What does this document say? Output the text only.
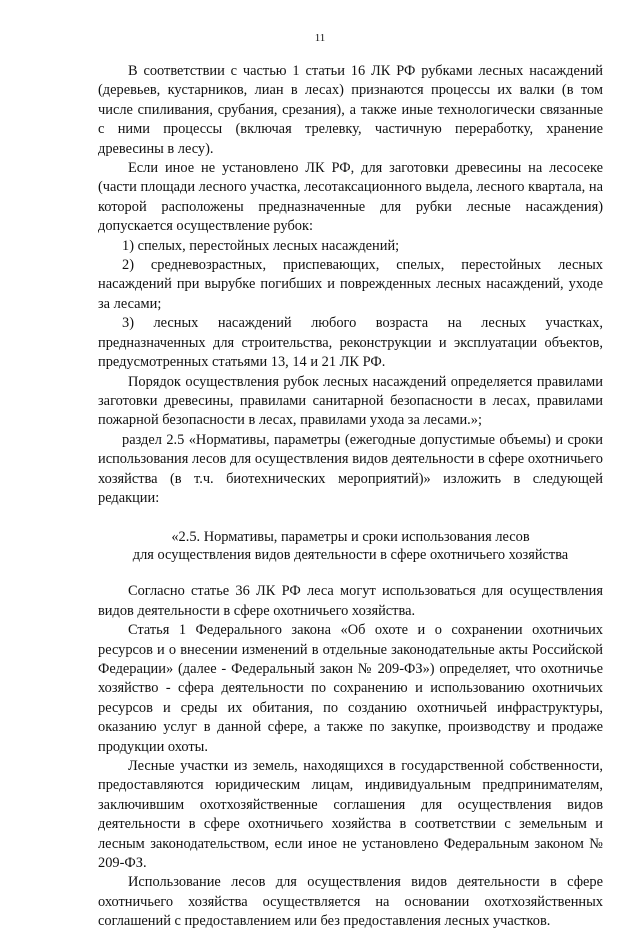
11

В соответствии с частью 1 статьи 16 ЛК РФ рубками лесных насаждений (деревьев, кустарников, лиан в лесах) признаются процессы их валки (в том числе спиливания, срубания, срезания), а также иные технологически связанные с ними процессы (включая трелевку, частичную переработку, хранение древесины в лесу).

Если иное не установлено ЛК РФ, для заготовки древесины на лесосеке (части площади лесного участка, лесотаксационного выдела, лесного квартала, на которой расположены предназначенные для рубки лесные насаждения) допускается осуществление рубок:

1) спелых, перестойных лесных насаждений;

2) средневозрастных, приспевающих, спелых, перестойных лесных насаждений при вырубке погибших и поврежденных лесных насаждений, уходе за лесами;

3) лесных насаждений любого возраста на лесных участках, предназначенных для строительства, реконструкции и эксплуатации объектов, предусмотренных статьями 13, 14 и 21 ЛК РФ.

Порядок осуществления рубок лесных насаждений определяется правилами заготовки древесины, правилами санитарной безопасности в лесах, правилами пожарной безопасности в лесах, правилами ухода за лесами.»;

раздел 2.5 «Нормативы, параметры (ежегодные допустимые объемы) и сроки использования лесов для осуществления видов деятельности в сфере охотничьего хозяйства (в т.ч. биотехнических мероприятий)» изложить в следующей редакции:

«2.5. Нормативы, параметры и сроки использования лесов
для осуществления видов деятельности в сфере охотничьего хозяйства

Согласно статье 36 ЛК РФ леса могут использоваться для осуществления видов деятельности в сфере охотничьего хозяйства.

Статья 1 Федерального закона «Об охоте и о сохранении охотничьих ресурсов и о внесении изменений в отдельные законодательные акты Российской Федерации» (далее - Федеральный закон № 209-ФЗ») определяет, что охотничье хозяйство - сфера деятельности по сохранению и использованию охотничьих ресурсов и среды их обитания, по созданию охотничьей инфраструктуры, оказанию услуг в данной сфере, а также по закупке, производству и продаже продукции охоты.

Лесные участки из земель, находящихся в государственной собственности, предоставляются юридическим лицам, индивидуальным предпринимателям, заключившим охотхозяйственные соглашения для осуществления видов деятельности в сфере охотничьего хозяйства в соответствии с земельным и лесным законодательством, если иное не установлено Федеральным законом № 209-ФЗ.

Использование лесов для осуществления видов деятельности в сфере охотничьего хозяйства осуществляется на основании охотхозяйственных соглашений с предоставлением или без предоставления лесных участков.
